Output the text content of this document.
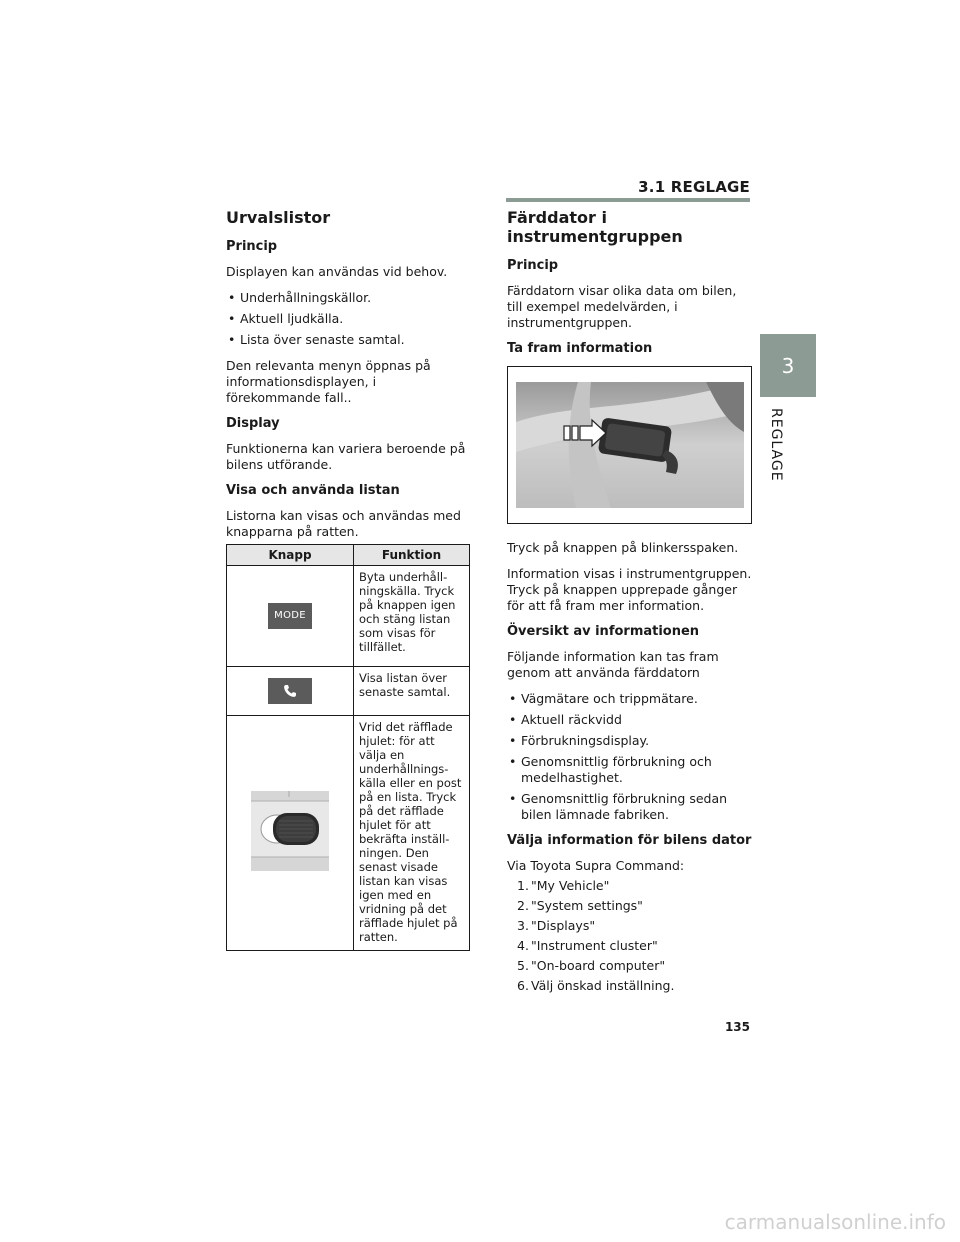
3.1 REGLAGE
3
REGLAGE
Urvalslistor
Princip

Displayen kan användas vid behov.

• Underhållningskällor.
• Aktuell ljudkälla.
• Lista över senaste samtal.

Den relevanta menyn öppnas på informationsdisplayen, i förekommande fall..

Display

Funktionerna kan variera beroende på bilens utförande.

Visa och använda listan

Listorna kan visas och användas med knapparna på ratten.

Knapp	Funktion
MODE	Byta underhåll-ningskälla. Tryck på knappen igen och stäng listan som visas för tillfället.

	Visa listan över senaste samtal.
	Vrid det räfflade hjulet: för att välja en underhållnings-källa eller en post på en lista. Tryck på det räfflade hjulet för att bekräfta inställ-ningen. Den senast visade listan kan visas igen med en vridning på det räfflade hjulet på ratten.
Färddator i instrumentgruppen
Princip

Färddatorn visar olika data om bilen, till exempel medelvärden, i instrumentgruppen.

Ta fram information

Tryck på knappen på blinkersspaken.

Information visas i instrumentgruppen. Tryck på knappen upprepade gånger för att få fram mer information.

Översikt av informationen

Följande information kan tas fram genom att använda färddatorn

• Vägmätare och trippmätare.
• Aktuell räckvidd
• Förbrukningsdisplay.
• Genomsnittlig förbrukning och medelhastighet.
• Genomsnittlig förbrukning sedan bilen lämnade fabriken.
Välja information för bilens dator

Via Toyota Supra Command:

1. "My Vehicle"
2. "System settings"
3. "Displays"
4. "Instrument cluster"
5. "On-board computer"
6. Välj önskad inställning.
135
carmanualsonline.info
